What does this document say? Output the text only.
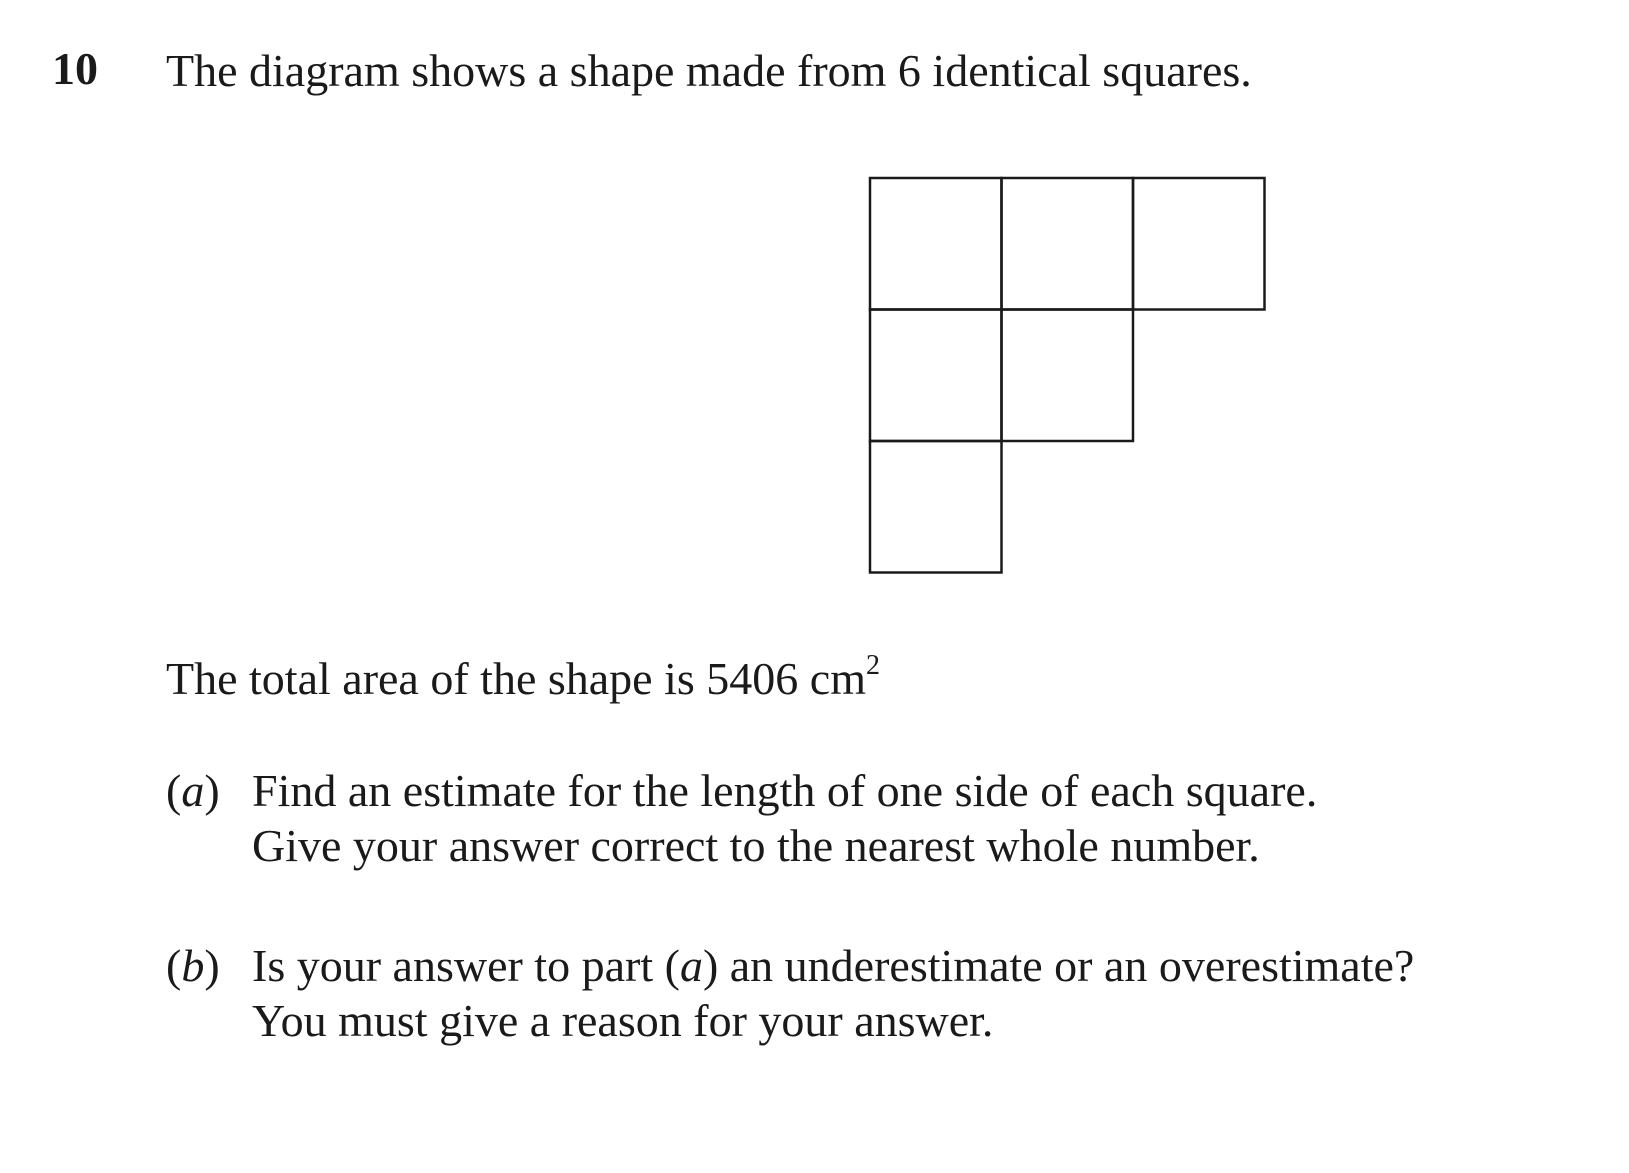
10 The diagram shows a shape made from 6 identical squares.
The total area of the shape is 5406 $cm^2$
(a) Find an estimate for the length of one side of each square.
Give your answer correct to the nearest whole number.
(b) Is your answer to part (a) an underestimate or an overestimate?
You must give a reason for your answer.
